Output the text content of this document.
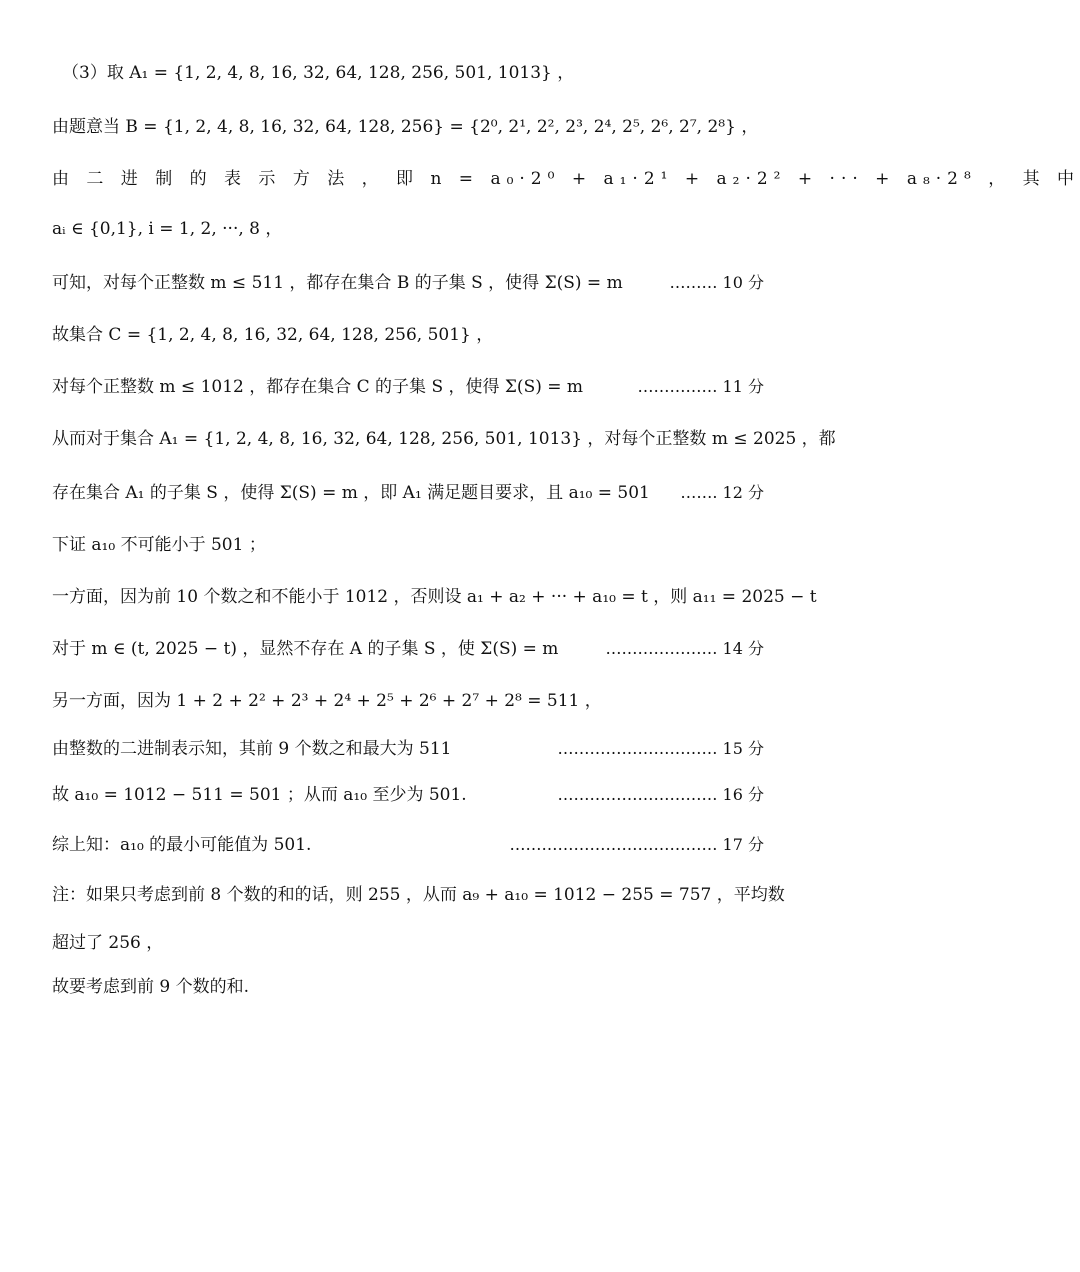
（3）取 A₁ = {1, 2, 4, 8, 16, 32, 64, 128, 256, 501, 1013} ，
由题意当 B = {1, 2, 4, 8, 16, 32, 64, 128, 256} = {2⁰, 2¹, 2², 2³, 2⁴, 2⁵, 2⁶, 2⁷, 2⁸} ，
由 二 进 制 的 表 示 方 法 ， 即 n = a₀·2⁰ + a₁·2¹ + a₂·2² + ··· + a₈·2⁸ ， 其 中
aᵢ ∈ {0,1}, i = 1, 2, ···, 8 ，
可知，对每个正整数 m ≤ 511 ，都存在集合 B 的子集 S ，使得 Σ(S) = m	……… 10 分
故集合 C = {1, 2, 4, 8, 16, 32, 64, 128, 256, 501} ，
对每个正整数 m ≤ 1012 ，都存在集合 C 的子集 S ，使得 Σ(S) = m	…………… 11 分
从而对于集合 A₁ = {1, 2, 4, 8, 16, 32, 64, 128, 256, 501, 1013} ，对每个正整数 m ≤ 2025 ，都
存在集合 A₁ 的子集 S ，使得 Σ(S) = m ，即 A₁ 满足题目要求，且 a₁₀ = 501 ……. 12 分
下证 a₁₀ 不可能小于 501 ；
一方面，因为前 10 个数之和不能小于 1012 ，否则设 a₁ + a₂ + ··· + a₁₀ = t ，则 a₁₁ = 2025 − t
对于 m ∈ (t, 2025 − t) ，显然不存在 A 的子集 S ，使 Σ(S) = m	………………… 14 分
另一方面，因为 1 + 2 + 2² + 2³ + 2⁴ + 2⁵ + 2⁶ + 2⁷ + 2⁸ = 511 ，
由整数的二进制表示知，其前 9 个数之和最大为 511	………………………… 15 分
故 a₁₀ = 1012 − 511 = 501 ；从而 a₁₀ 至少为 501.	………………………… 16 分
综上知：a₁₀ 的最小可能值为 501.	………………………………… 17 分
注：如果只考虑到前 8 个数的和的话，则 255 ，从而 a₉ + a₁₀ = 1012 − 255 = 757 ，平均数
超过了 256 ，
故要考虑到前 9 个数的和.
